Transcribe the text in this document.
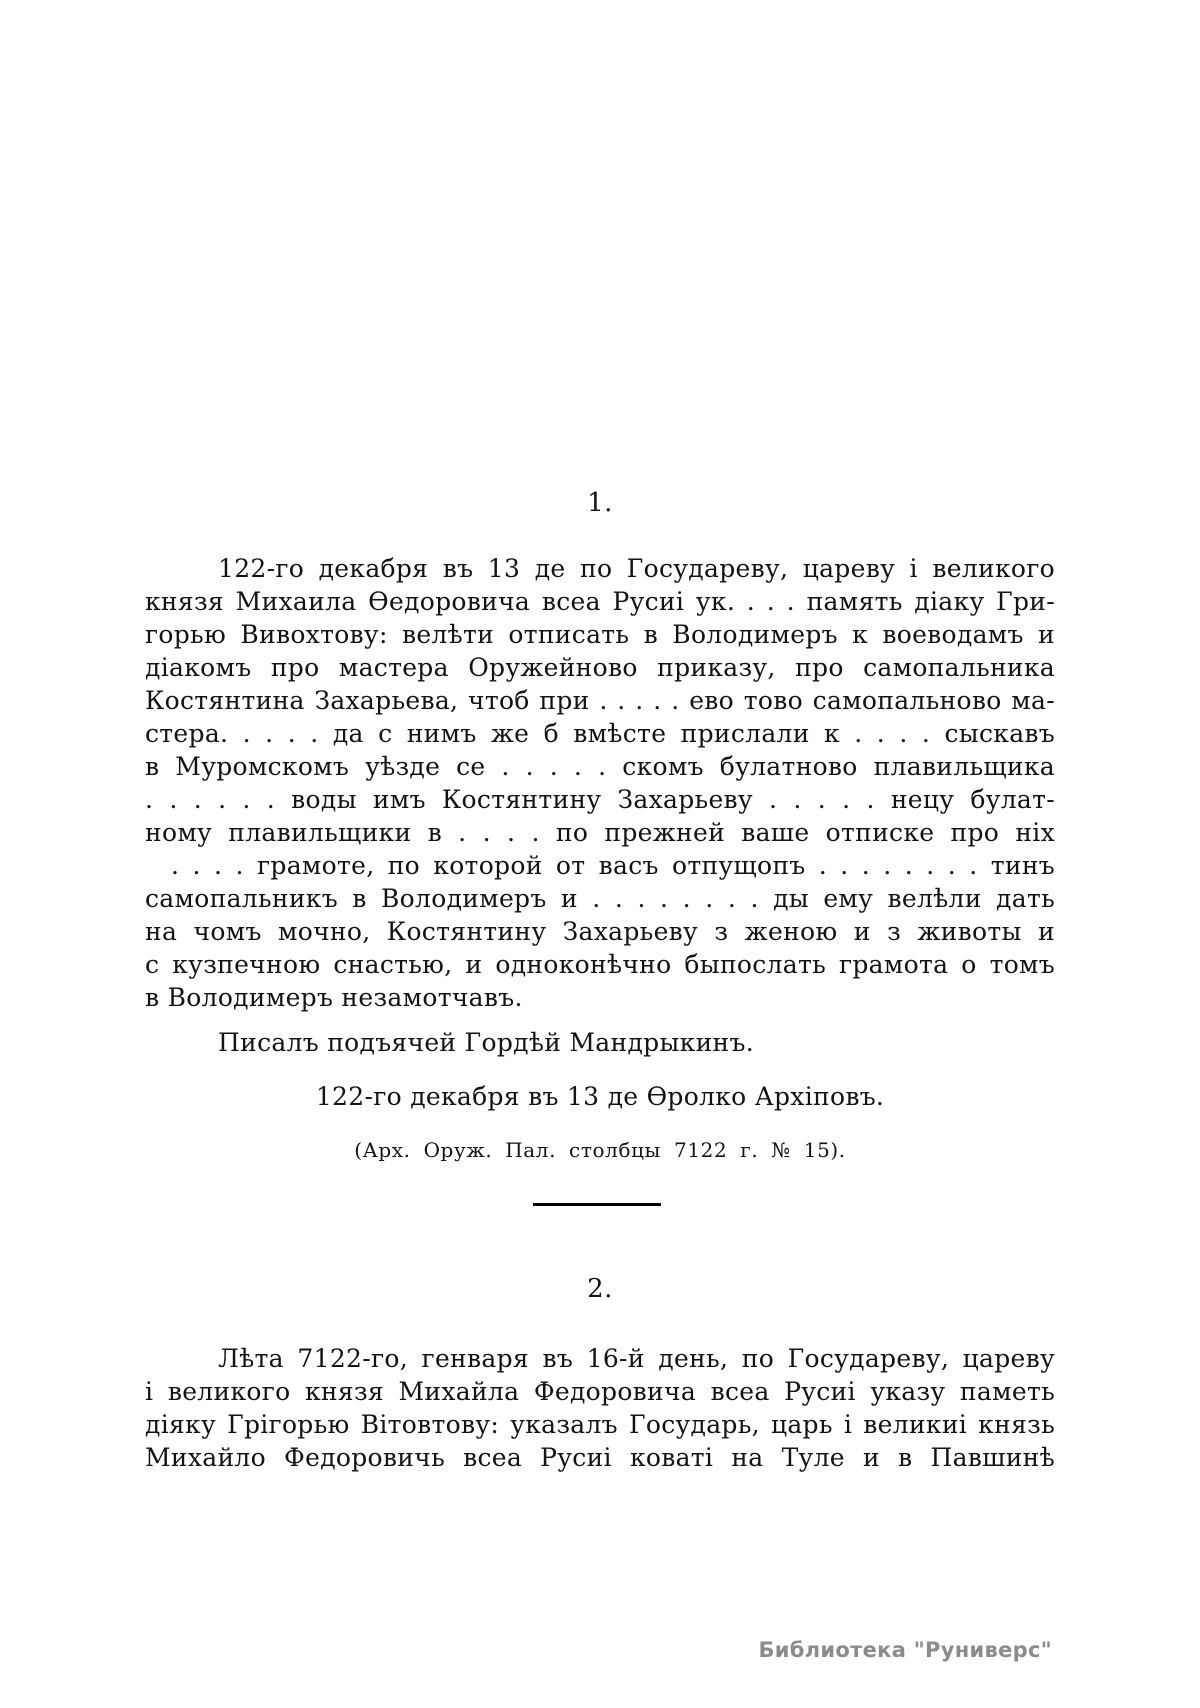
1.
122-го декабря въ 13 де по Государеву, цареву і великого
князя Михаила Ѳедоровича всеа Русиі ук. . . . память діаку Гри-
горью Вивохтову: велѣти отписать в Володимеръ к воеводамъ и
діакомъ про мастера Оружейново приказу, про самопальника
Костянтина Захарьева, чтоб при . . . . . ево тово самопальново ма-
стера. . . . . да с нимъ же б вмѣсте прислали к . . . . сыскавъ
в Муромскомъ уѣзде се . . . . . скомъ булатново плавильщика
. . . . . . воды имъ Костянтину Захарьеву . . . . . нецу булат-
ному плавильщики в . . . . по прежней ваше отписке про ніх
. . . . грамоте, по которой от васъ отпущопъ . . . . . . . . тинъ
самопальникъ в Володимеръ и . . . . . . . . ды ему велѣли дать
на чомъ мочно, Костянтину Захарьеву з женою и з животы и
с кузпечною снастью, и одноконѣчно быпослать грамота о томъ
в Володимеръ незамотчавъ.
Писалъ подъячей Гордѣй Мандрыкинъ.
122-го декабря въ 13 де Ѳролко Архіповъ.
(Арх. Оруж. Пал. столбцы 7122 г. № 15).
2.
Лѣта 7122-го, генваря въ 16-й день, по Государеву, цареву
і великого князя Михайла Федоровича всеа Русиі указу паметь
діяку Грігорью Вітовтову: указалъ Государь, царь і великиі князь
Михайло Федоровичь всеа Русиі коваті на Туле и в Павшинѣ
Библиотека "Руниверс"
